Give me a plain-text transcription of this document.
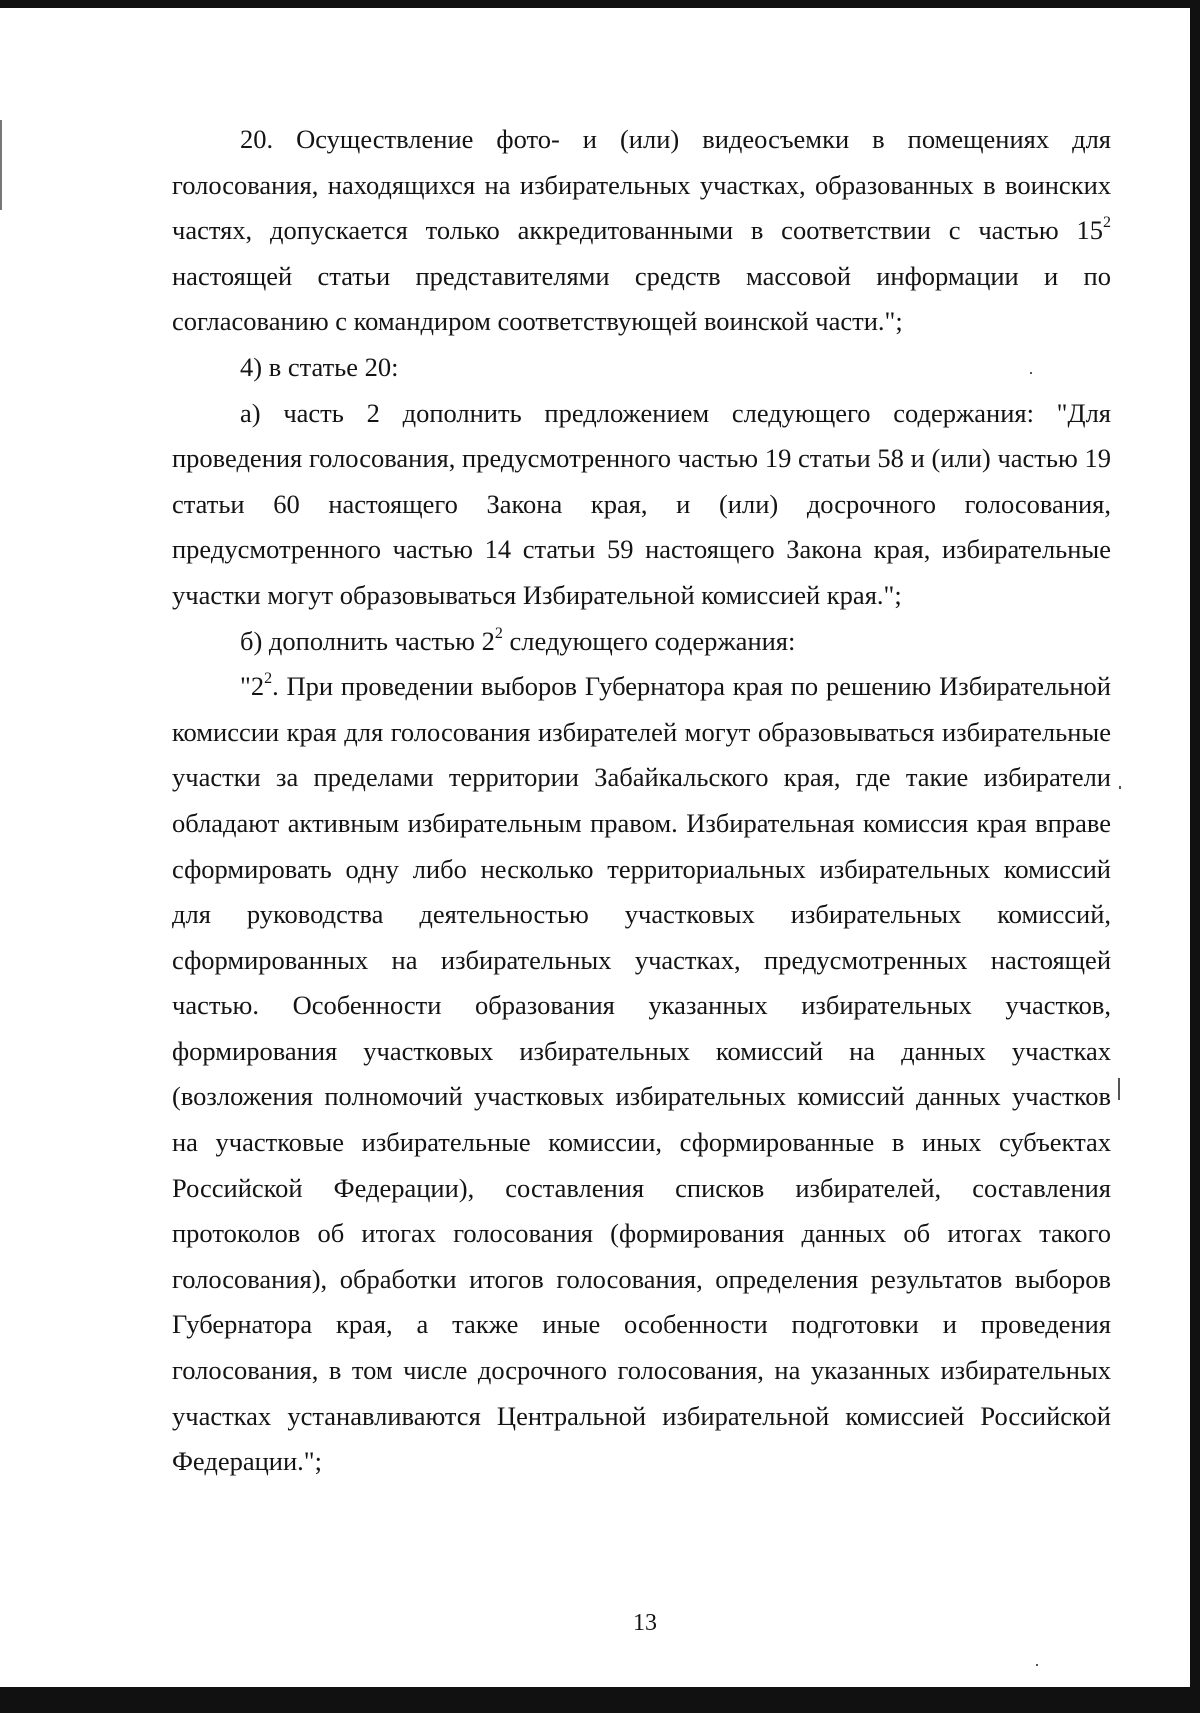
20. Осуществление фото- и (или) видеосъемки в помещениях для голосования, находящихся на избирательных участках, образованных в воинских частях, допускается только аккредитованными в соответствии с частью $15^2$ настоящей статьи представителями средств массовой информации и по согласованию с командиром соответствующей воинской части.";

4) в статье 20:

а) часть 2 дополнить предложением следующего содержания: "Для проведения голосования, предусмотренного частью 19 статьи 58 и (или) частью 19 статьи 60 настоящего Закона края, и (или) досрочного голосования, предусмотренного частью 14 статьи 59 настоящего Закона края, избирательные участки могут образовываться Избирательной комиссией края.";

б) дополнить частью $2^2$ следующего содержания:

"$2^2$. При проведении выборов Губернатора края по решению Избирательной комиссии края для голосования избирателей могут образовываться избирательные участки за пределами территории Забайкальского края, где такие избиратели обладают активным избирательным правом. Избирательная комиссия края вправе сформировать одну либо несколько территориальных избирательных комиссий для руководства деятельностью участковых избирательных комиссий, сформированных на избирательных участках, предусмотренных настоящей частью. Особенности образования указанных избирательных участков, формирования участковых избирательных комиссий на данных участках (возложения полномочий участковых избирательных комиссий данных участков на участковые избирательные комиссии, сформированные в иных субъектах Российской Федерации), составления списков избирателей, составления протоколов об итогах голосования (формирования данных об итогах такого голосования), обработки итогов голосования, определения результатов выборов Губернатора края, а также иные особенности подготовки и проведения голосования, в том числе досрочного голосования, на указанных избирательных участках устанавливаются Центральной избирательной комиссией Российской Федерации.";

13
